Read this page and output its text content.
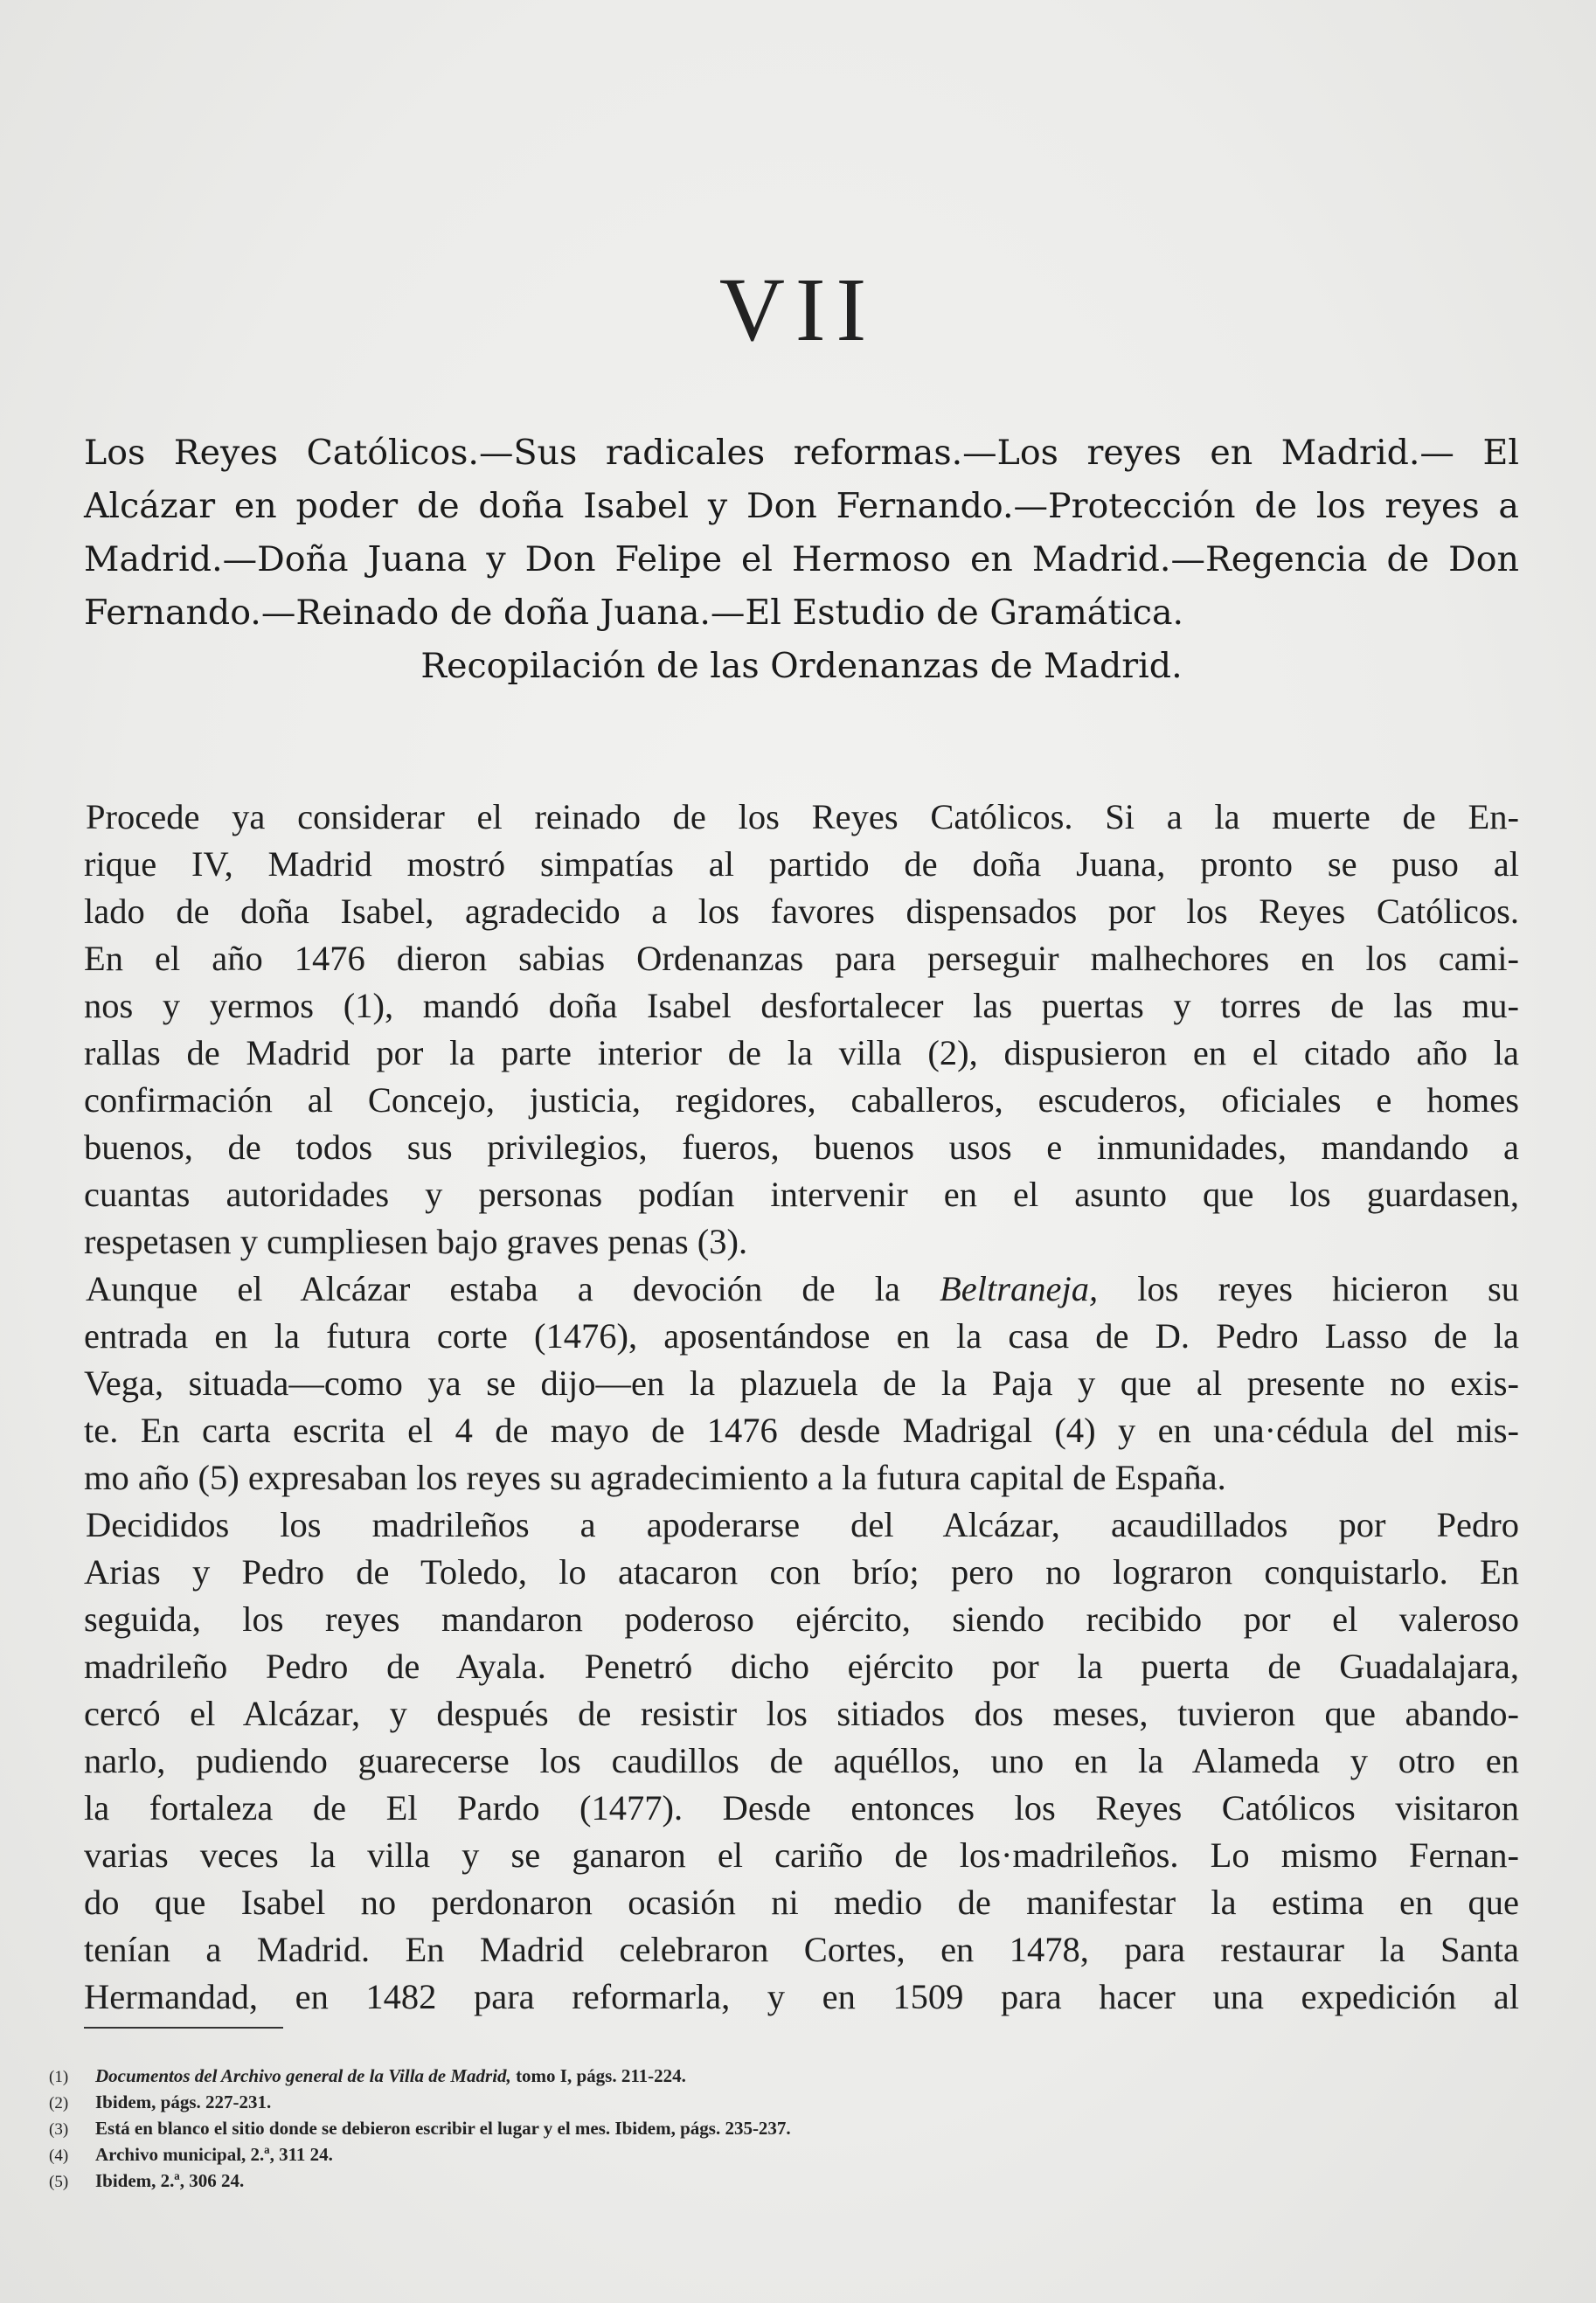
VII
Los Reyes Católicos.—Sus radicales reformas.—Los reyes en Madrid.— El Alcázar en poder de doña Isabel y Don Fernando.—Protección de los reyes a Madrid.—Doña Juana y Don Felipe el Hermoso en Madrid.—Regencia de Don Fernando.—Reinado de doña Juana.—El Estudio de Gramática.
Recopilación de las Ordenanzas de Madrid.
Procede ya considerar el reinado de los Reyes Católicos. Si a la muerte de En-
rique IV, Madrid mostró simpatías al partido de doña Juana, pronto se puso al
lado de doña Isabel, agradecido a los favores dispensados por los Reyes Católicos.
En el año 1476 dieron sabias Ordenanzas para perseguir malhechores en los cami-
nos y yermos (1), mandó doña Isabel desfortalecer las puertas y torres de las mu-
rallas de Madrid por la parte interior de la villa (2), dispusieron en el citado año la
confirmación al Concejo, justicia, regidores, caballeros, escuderos, oficiales e homes
buenos, de todos sus privilegios, fueros, buenos usos e inmunidades, mandando a
cuantas autoridades y personas podían intervenir en el asunto que los guardasen,
respetasen y cumpliesen bajo graves penas (3).
Aunque el Alcázar estaba a devoción de la Beltraneja, los reyes hicieron su
entrada en la futura corte (1476), aposentándose en la casa de D. Pedro Lasso de la
Vega, situada—como ya se dijo—en la plazuela de la Paja y que al presente no exis-
te. En carta escrita el 4 de mayo de 1476 desde Madrigal (4) y en una·cédula del mis-
mo año (5) expresaban los reyes su agradecimiento a la futura capital de España.
Decididos los madrileños a apoderarse del Alcázar, acaudillados por Pedro
Arias y Pedro de Toledo, lo atacaron con brío; pero no lograron conquistarlo. En
seguida, los reyes mandaron poderoso ejército, siendo recibido por el valeroso
madrileño Pedro de Ayala. Penetró dicho ejército por la puerta de Guadalajara,
cercó el Alcázar, y después de resistir los sitiados dos meses, tuvieron que abando-
narlo, pudiendo guarecerse los caudillos de aquéllos, uno en la Alameda y otro en
la fortaleza de El Pardo (1477). Desde entonces los Reyes Católicos visitaron
varias veces la villa y se ganaron el cariño de los·madrileños. Lo mismo Fernan-
do que Isabel no perdonaron ocasión ni medio de manifestar la estima en que
tenían a Madrid. En Madrid celebraron Cortes, en 1478, para restaurar la Santa
Hermandad, en 1482 para reformarla, y en 1509 para hacer una expedición al
(1)	Documentos del Archivo general de la Villa de Madrid, tomo I, págs. 211-224.
(2)	Ibidem, págs. 227-231.
(3)	Está en blanco el sitio donde se debieron escribir el lugar y el mes. Ibidem, págs. 235-237.
(4)	Archivo municipal, 2.ª, 311 24.
(5)	Ibidem, 2.ª, 306 24.
